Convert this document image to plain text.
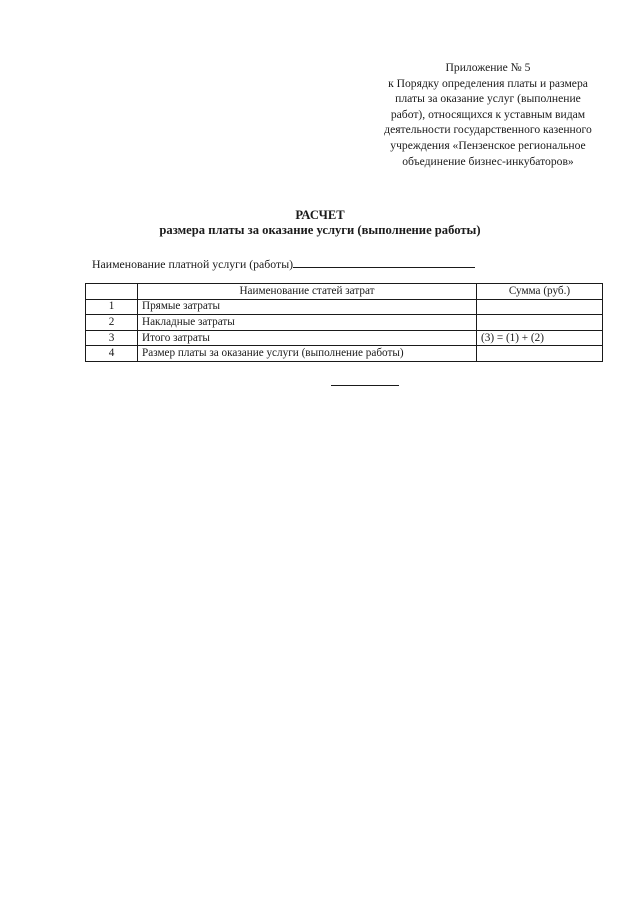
Приложение № 5
к Порядку определения платы и размера
платы за оказание услуг (выполнение
работ), относящихся к уставным видам
деятельности государственного казенного
учреждения «Пензенское региональное
объединение бизнес-инкубаторов»
РАСЧЕТ
размера платы за оказание услуги (выполнение работы)
Наименование платной услуги (работы)
	Наименование статей затрат	Сумма (руб.)
1	Прямые затраты	
2	Накладные затраты	
3	Итого затраты	(3) = (1) + (2)
4	Размер платы за оказание услуги (выполнение работы)	
